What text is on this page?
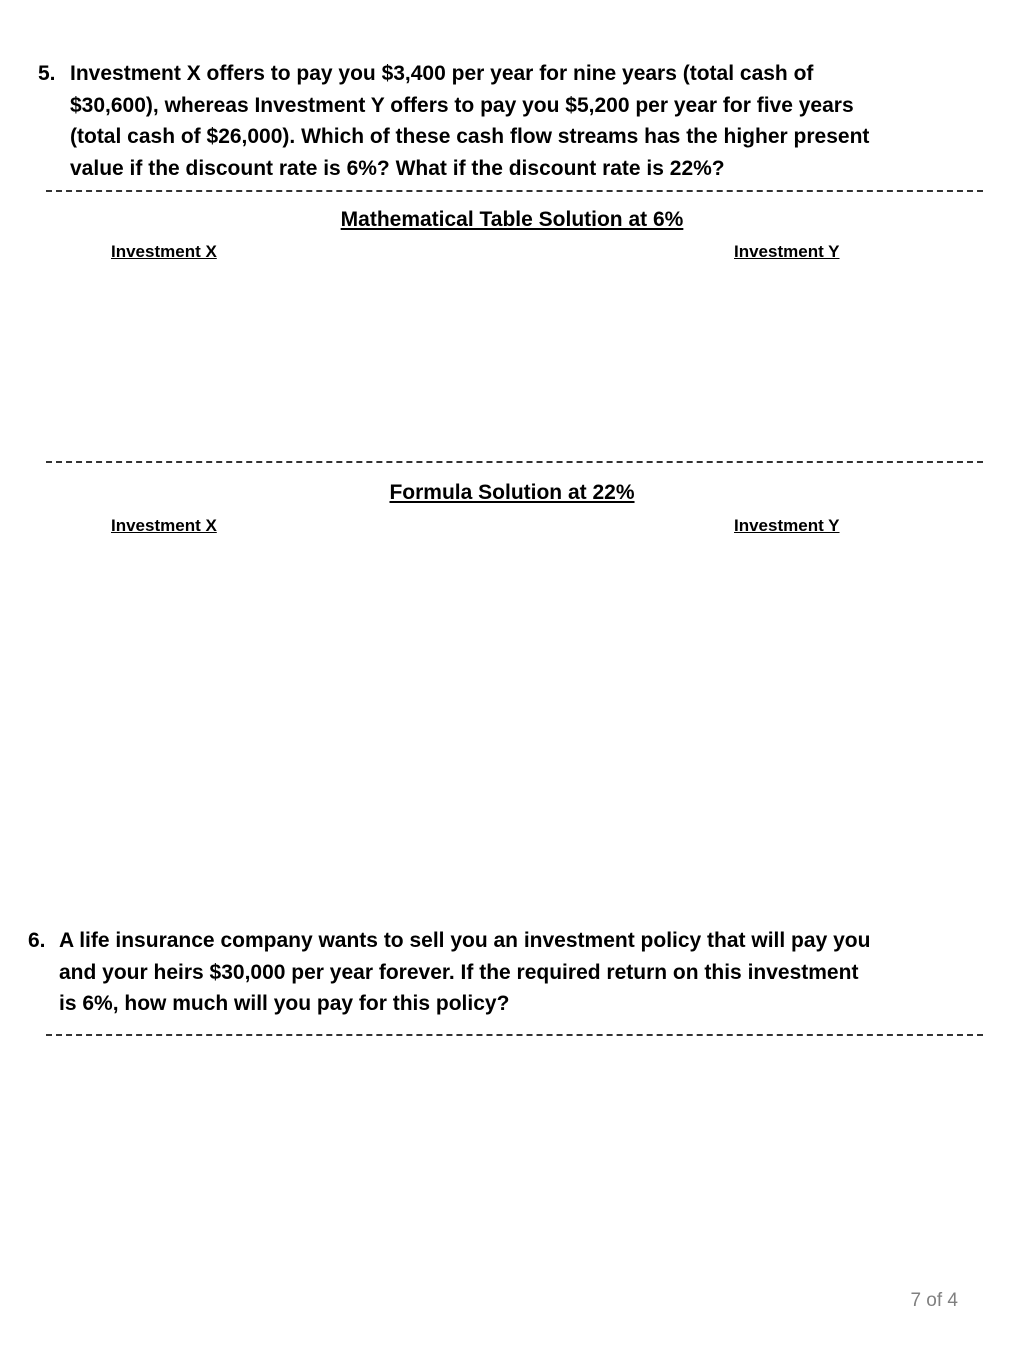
5. Investment X offers to pay you $3,400 per year for nine years (total cash of
$30,600), whereas Investment Y offers to pay you $5,200 per year for five years
(total cash of $26,000). Which of these cash flow streams has the higher present
value if the discount rate is 6%? What if the discount rate is 22%?
Mathematical Table Solution at 6%
Investment X	Investment Y
Formula Solution at 22%
Investment X	Investment Y
6. A life insurance company wants to sell you an investment policy that will pay you
and your heirs $30,000 per year forever. If the required return on this investment
is 6%, how much will you pay for this policy?
7 of 4
